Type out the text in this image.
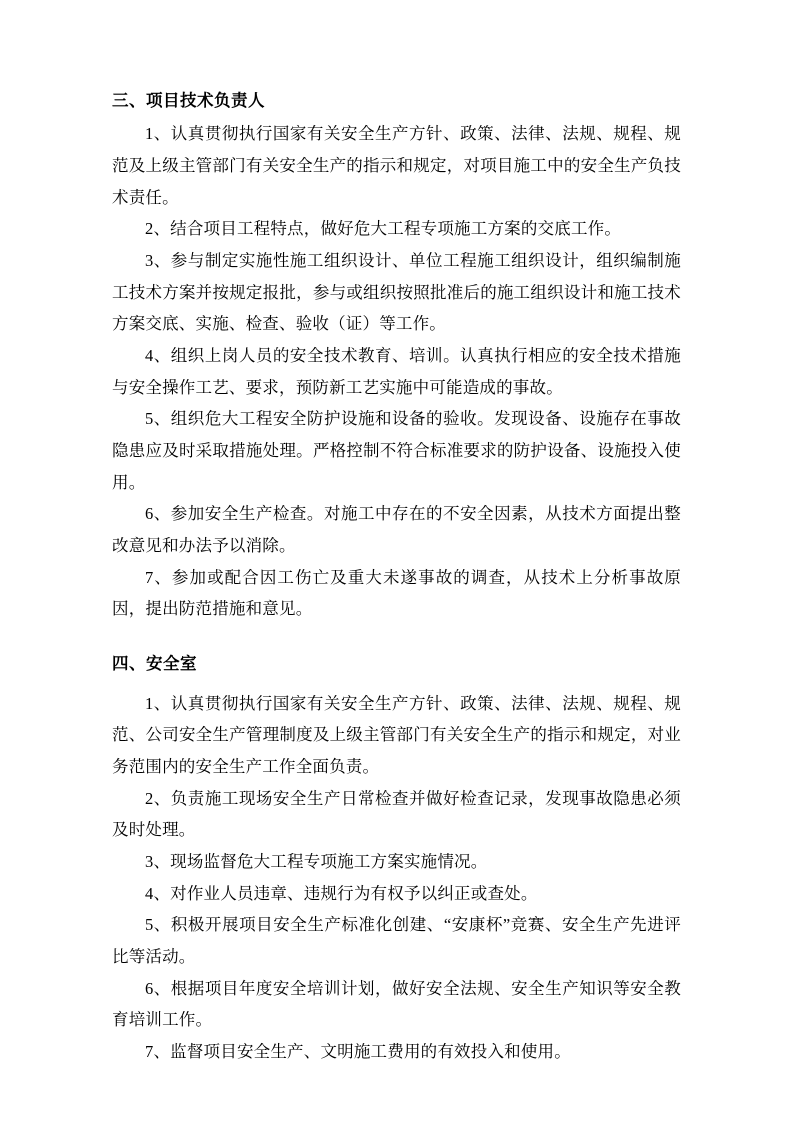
三、项目技术负责人

1、认真贯彻执行国家有关安全生产方针、政策、法律、法规、规程、规范及上级主管部门有关安全生产的指示和规定，对项目施工中的安全生产负技术责任。

2、结合项目工程特点，做好危大工程专项施工方案的交底工作。

3、参与制定实施性施工组织设计、单位工程施工组织设计，组织编制施工技术方案并按规定报批，参与或组织按照批准后的施工组织设计和施工技术方案交底、实施、检查、验收（证）等工作。

4、组织上岗人员的安全技术教育、培训。认真执行相应的安全技术措施与安全操作工艺、要求，预防新工艺实施中可能造成的事故。

5、组织危大工程安全防护设施和设备的验收。发现设备、设施存在事故隐患应及时采取措施处理。严格控制不符合标准要求的防护设备、设施投入使用。

6、参加安全生产检查。对施工中存在的不安全因素，从技术方面提出整改意见和办法予以消除。

7、参加或配合因工伤亡及重大未遂事故的调查，从技术上分析事故原因，提出防范措施和意见。

四、安全室

1、认真贯彻执行国家有关安全生产方针、政策、法律、法规、规程、规范、公司安全生产管理制度及上级主管部门有关安全生产的指示和规定，对业务范围内的安全生产工作全面负责。

2、负责施工现场安全生产日常检查并做好检查记录，发现事故隐患必须及时处理。

3、现场监督危大工程专项施工方案实施情况。

4、对作业人员违章、违规行为有权予以纠正或查处。

5、积极开展项目安全生产标准化创建、“安康杯”竞赛、安全生产先进评比等活动。

6、根据项目年度安全培训计划，做好安全法规、安全生产知识等安全教育培训工作。

7、监督项目安全生产、文明施工费用的有效投入和使用。
